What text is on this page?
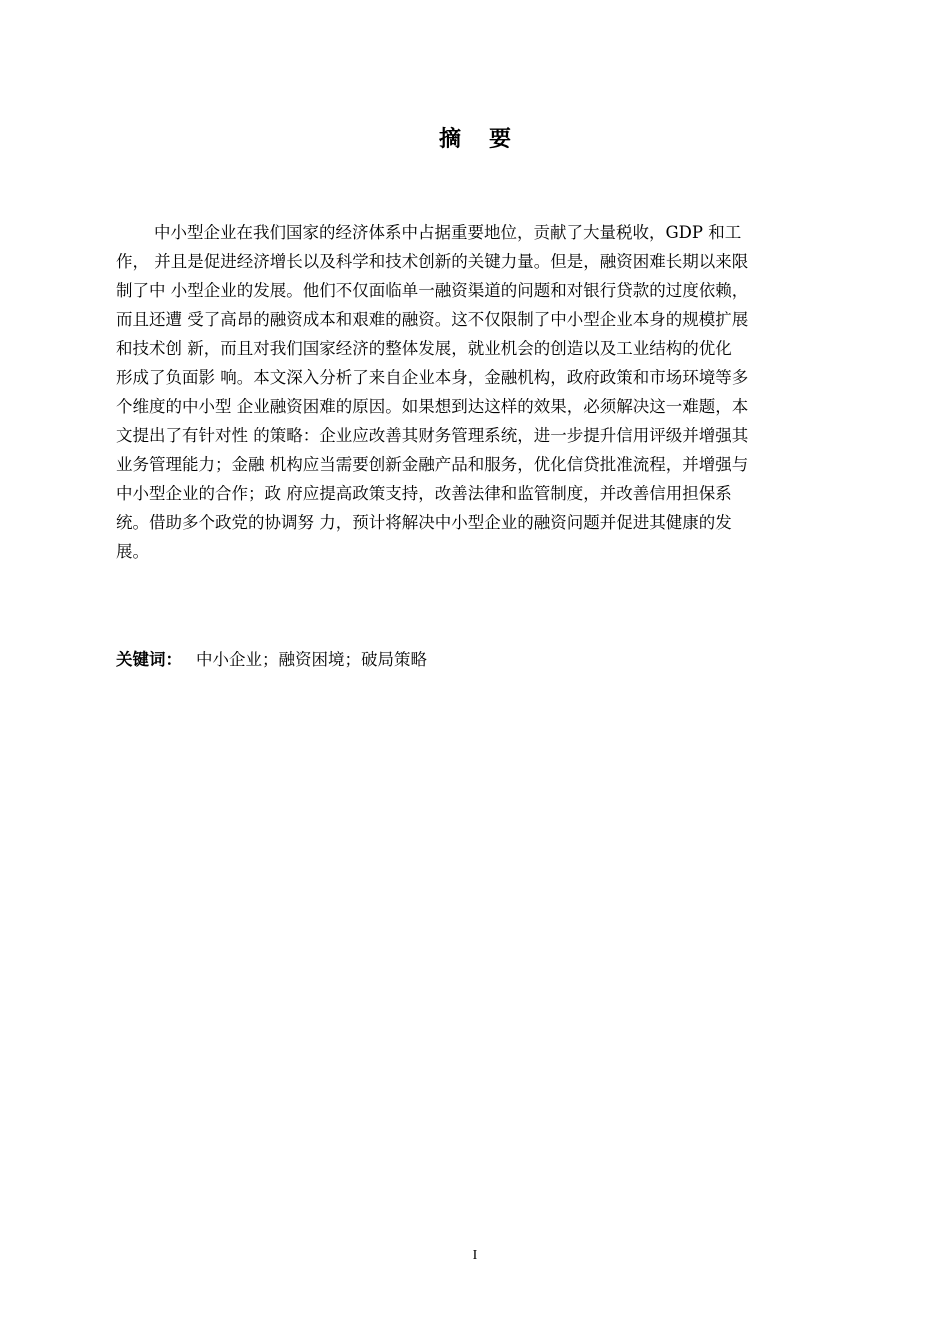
摘 要
中小型企业在我们国家的经济体系中占据重要地位，贡献了大量税收，GDP 和工
作， 并且是促进经济增长以及科学和技术创新的关键力量。但是，融资困难长期以来限
制了中 小型企业的发展。他们不仅面临单一融资渠道的问题和对银行贷款的过度依赖，
而且还遭 受了高昂的融资成本和艰难的融资。这不仅限制了中小型企业本身的规模扩展
和技术创 新，而且对我们国家经济的整体发展，就业机会的创造以及工业结构的优化
形成了负面影 响。本文深入分析了来自企业本身，金融机构，政府政策和市场环境等多
个维度的中小型 企业融资困难的原因。如果想到达这样的效果，必须解决这一难题，本
文提出了有针对性 的策略：企业应改善其财务管理系统，进一步提升信用评级并增强其
业务管理能力；金融 机构应当需要创新金融产品和服务，优化信贷批准流程，并增强与
中小型企业的合作；政 府应提高政策支持，改善法律和监管制度，并改善信用担保系
统。借助多个政党的协调努 力，预计将解决中小型企业的融资问题并促进其健康的发
展。
关键词： 中小企业；融资困境；破局策略
I
